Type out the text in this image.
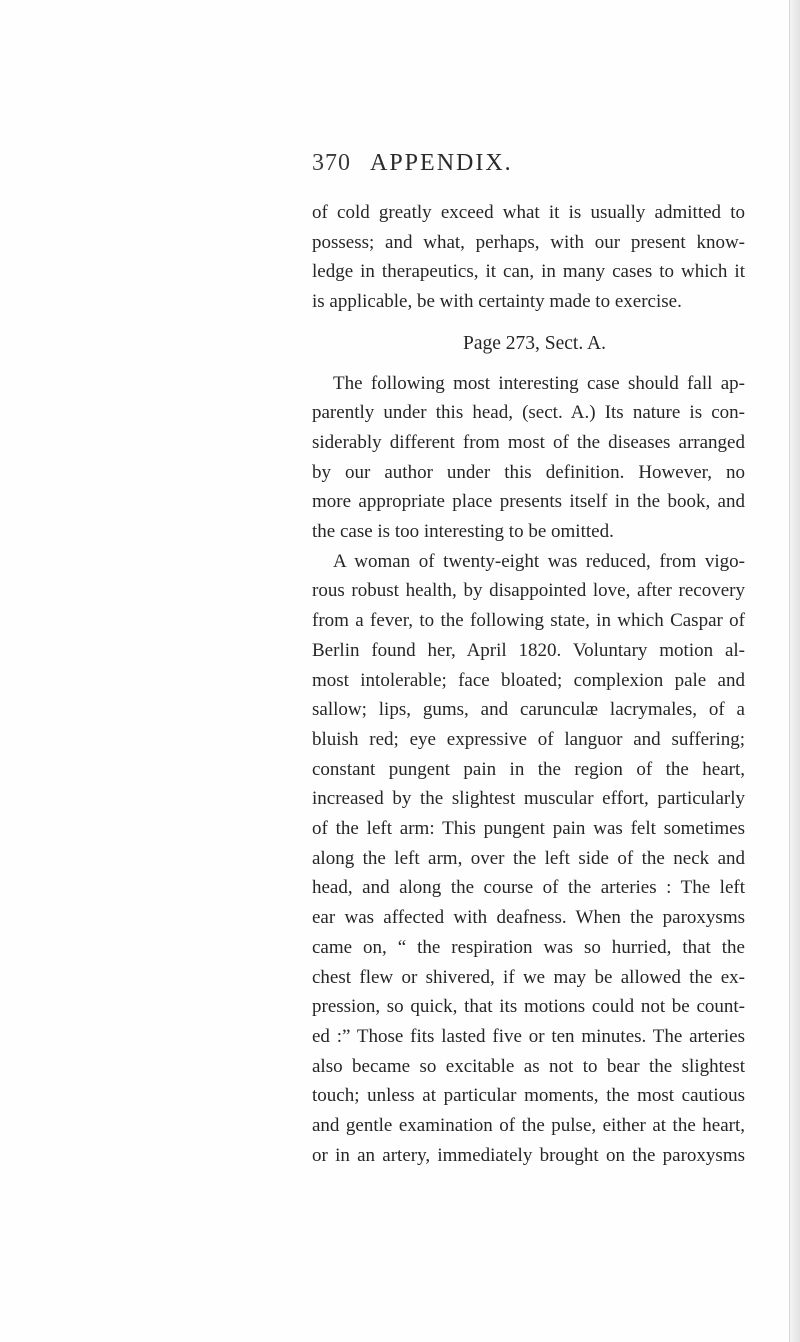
370 APPENDIX.
of cold greatly exceed what it is usually admitted to
possess; and what, perhaps, with our present know-
ledge in therapeutics, it can, in many cases to which it
is applicable, be with certainty made to exercise.
Page 273, Sect. A.
The following most interesting case should fall ap-
parently under this head, (sect. A.) Its nature is con-
siderably different from most of the diseases arranged
by our author under this definition. However, no
more appropriate place presents itself in the book, and
the case is too interesting to be omitted.
A woman of twenty-eight was reduced, from vigo-
rous robust health, by disappointed love, after recovery
from a fever, to the following state, in which Caspar of
Berlin found her, April 1820. Voluntary motion al-
most intolerable; face bloated; complexion pale and
sallow; lips, gums, and carunculæ lacrymales, of a
bluish red; eye expressive of languor and suffering;
constant pungent pain in the region of the heart,
increased by the slightest muscular effort, particularly
of the left arm: This pungent pain was felt sometimes
along the left arm, over the left side of the neck and
head, and along the course of the arteries : The left
ear was affected with deafness. When the paroxysms
came on, “ the respiration was so hurried, that the
chest flew or shivered, if we may be allowed the ex-
pression, so quick, that its motions could not be count-
ed :” Those fits lasted five or ten minutes. The arteries
also became so excitable as not to bear the slightest
touch; unless at particular moments, the most cautious
and gentle examination of the pulse, either at the heart,
or in an artery, immediately brought on the paroxysms
